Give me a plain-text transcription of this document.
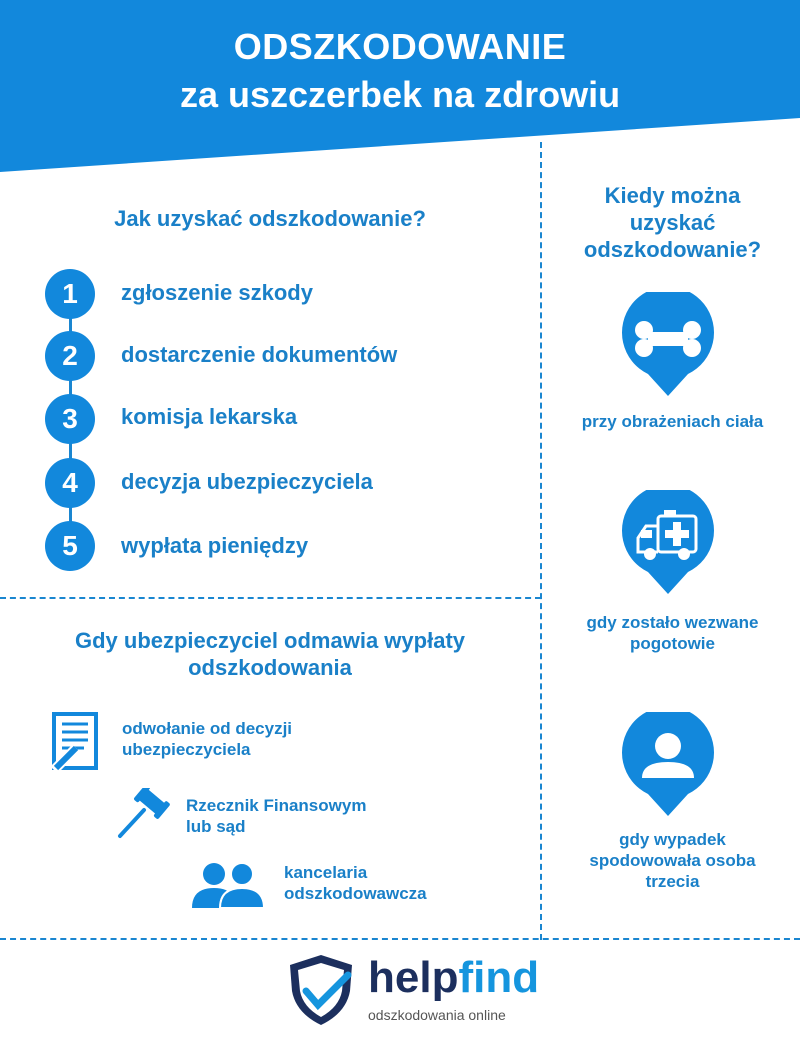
ODSZKODOWANIE
za uszczerbek na zdrowiu
Jak uzyskać odszkodowanie?
1	zgłoszenie szkody
2	dostarczenie dokumentów
3	komisja lekarska
4	decyzja ubezpieczyciela
5	wypłata pieniędzy
Gdy ubezpieczyciel odmawia wypłaty
odszkodowania
odwołanie od decyzji
ubezpieczyciela
Rzecznik Finansowym
lub sąd
kancelaria
odszkodowawcza
Kiedy można
uzyskać
odszkodowanie?
przy obrażeniach ciała
gdy zostało wezwane
pogotowie
gdy wypadek
spodowowała osoba
trzecia
helpfind
odszkodowania online
